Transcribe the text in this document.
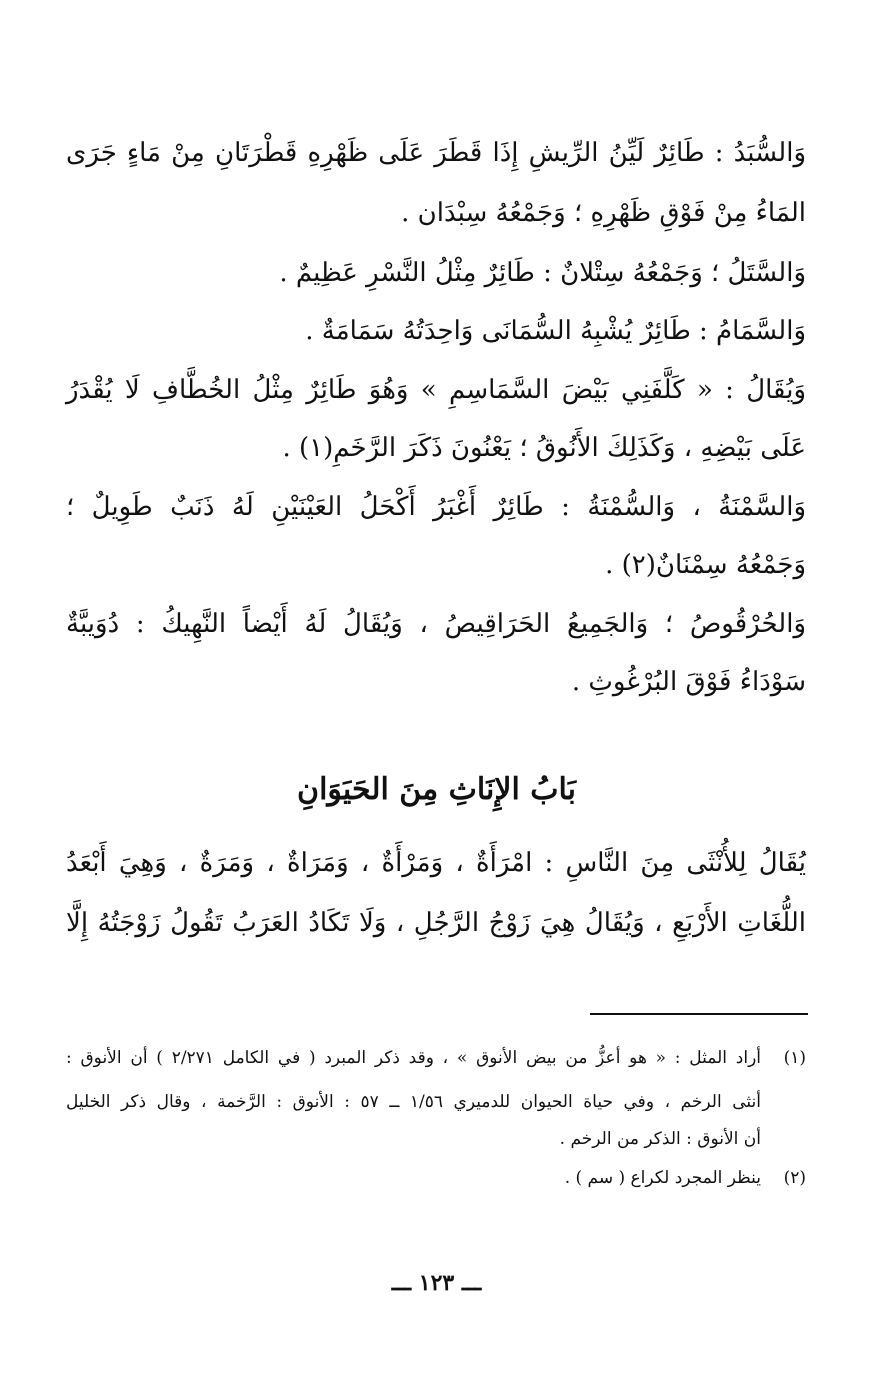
وَالسُّبَدُ : طَائِرٌ لَيِّنُ الرِّيشِ إِذَا قَطَرَ عَلَى ظَهْرِهِ قَطْرَتَانِ مِنْ مَاءٍ جَرَى
المَاءُ مِنْ فَوْقِ ظَهْرِهِ ؛ وَجَمْعُهُ سِبْدَان .
وَالسَّتَلُ ؛ وَجَمْعُهُ سِتْلانٌ : طَائِرٌ مِثْلُ النَّسْرِ عَظِيمٌ .
وَالسَّمَامُ : طَائِرٌ يُشْبِهُ السُّمَانَى وَاحِدَتُهُ سَمَامَةٌ .
وَيُقَالُ : « كَلَّفَنِي بَيْضَ السَّمَاسِمِ » وَهُوَ طَائِرٌ مِثْلُ الخُطَّافِ لَا يُقْدَرُ
عَلَى بَيْضِهِ ، وَكَذَلِكَ الأَنُوقُ ؛ يَعْنُونَ ذَكَرَ الرَّخَمِ(١) .
وَالسَّمْنَةُ ، وَالسُّمْنَةُ : طَائِرٌ أَغْبَرُ أَكْحَلُ العَيْنَيْنِ لَهُ ذَنَبٌ طَوِيلٌ ؛
وَجَمْعُهُ سِمْنَانٌ(٢) .
وَالحُرْقُوصُ ؛ وَالجَمِيعُ الحَرَاقِيصُ ، وَيُقَالُ لَهُ أَيْضاً النَّهِيكُ : دُوَيبَّةٌ
سَوْدَاءُ فَوْقَ البُرْغُوثِ .
بَابُ الإِنَاثِ مِنَ الحَيَوَانِ
يُقَالُ لِلأُنْثَى مِنَ النَّاسِ : امْرَأَةٌ ، وَمَرْأَةٌ ، وَمَرَاةٌ ، وَمَرَةٌ ، وَهِيَ أَبْعَدُ
اللُّغَاتِ الأَرْبَعِ ، وَيُقَالُ هِيَ زَوْجُ الرَّجُلِ ، وَلَا تَكَادُ العَرَبُ تَقُولُ زَوْجَتُهُ إِلَّا
(١)
أراد المثل : « هو أعزُّ من بيض الأنوق » ، وقد ذكر المبرد ( في الكامل ٢/٢٧١ ) أن الأنوق :
أنثى الرخم ، وفي حياة الحيوان للدميري ١/٥٦ ــ ٥٧ : الأنوق : الرَّخمة ، وقال ذكر الخليل
أن الأنوق : الذكر من الرخم .
(٢)
ينظر المجرد لكراع ( سم ) .
ـــ ١٢٣ ـــ
